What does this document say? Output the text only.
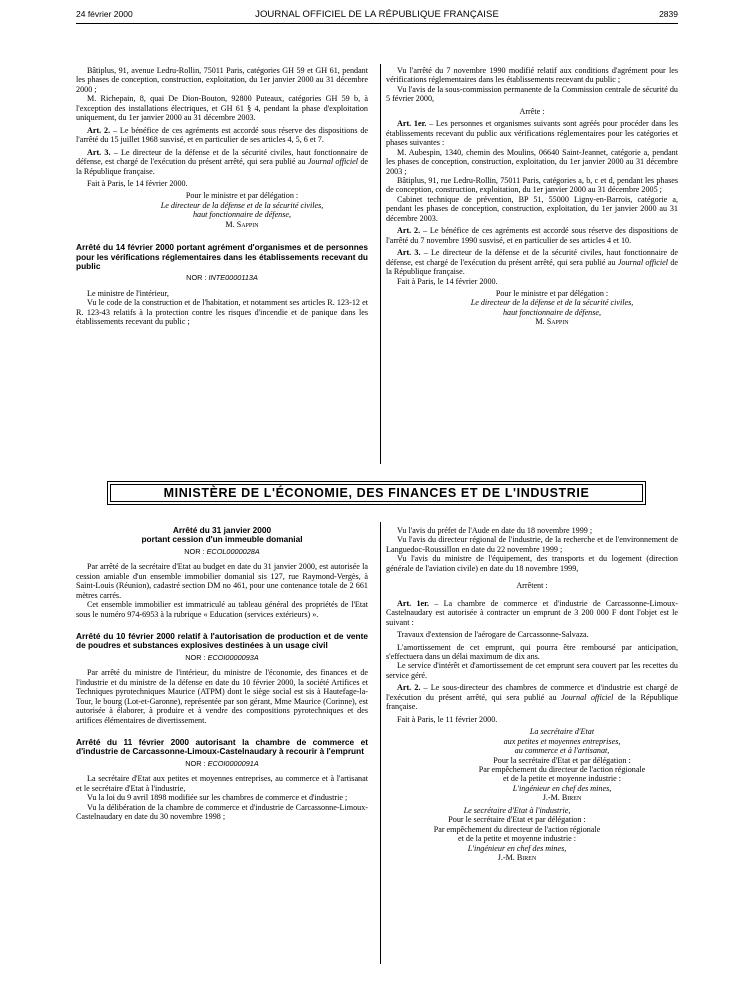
24 février 2000	JOURNAL OFFICIEL DE LA RÉPUBLIQUE FRANÇAISE	2839

Bâtiplus, 91, avenue Ledru-Rollin, 75011 Paris, catégories GH 59 et GH 61, pendant les phases de conception, construction, exploitation, du 1er janvier 2000 au 31 décembre 2000 ;

M. Richepain, 8, quai De Dion-Bouton, 92800 Puteaux, catégories GH 59 b, à l'exception des installations électriques, et GH 61 § 4, pendant la phase d'exploitation uniquement, du 1er janvier 2000 au 31 décembre 2003.

Art. 2. – Le bénéfice de ces agréments est accordé sous réserve des dispositions de l'arrêté du 15 juillet 1968 susvisé, et en particulier de ses articles 4, 5, 6 et 7.

Art. 3. – Le directeur de la défense et de la sécurité civiles, haut fonctionnaire de défense, est chargé de l'exécution du présent arrêté, qui sera publié au Journal officiel de la République française.

Fait à Paris, le 14 février 2000.

Pour le ministre et par délégation :

Le directeur de la défense et de la sécurité civiles,

haut fonctionnaire de défense,

M. Sappin

Arrêté du 14 février 2000 portant agrément d'organismes et de personnes pour les vérifications réglementaires dans les établissements recevant du public

NOR : INTE0000113A

Le ministre de l'intérieur,

Vu le code de la construction et de l'habitation, et notamment ses articles R. 123-12 et R. 123-43 relatifs à la protection contre les risques d'incendie et de panique dans les établissements recevant du public ;

Vu l'arrêté du 7 novembre 1990 modifié relatif aux conditions d'agrément pour les vérifications réglementaires dans les établissements recevant du public ;

Vu l'avis de la sous-commission permanente de la Commission centrale de sécurité du 5 février 2000,

Arrête :

Art. 1er. – Les personnes et organismes suivants sont agréés pour procéder dans les établissements recevant du public aux vérifications réglementaires pour les catégories et phases suivantes :

M. Aubespin, 1340, chemin des Moulins, 06640 Saint-Jeannet, catégorie a, pendant les phases de conception, construction, exploitation, du 1er janvier 2000 au 31 décembre 2003 ;

Bâtiplus, 91, rue Ledru-Rollin, 75011 Paris, catégories a, b, c et d, pendant les phases de conception, construction, exploitation, du 1er janvier 2000 au 31 décembre 2005 ;

Cabinet technique de prévention, BP 51, 55000 Ligny-en-Barrois, catégorie a, pendant les phases de conception, construction, exploitation, du 1er janvier 2000 au 31 décembre 2003.

Art. 2. – Le bénéfice de ces agréments est accordé sous réserve des dispositions de l'arrêté du 7 novembre 1990 susvisé, et en particulier de ses articles 4 et 10.

Art. 3. – Le directeur de la défense et de la sécurité civiles, haut fonctionnaire de défense, est chargé de l'exécution du présent arrêté, qui sera publié au Journal officiel de la République française.

Fait à Paris, le 14 février 2000.

Pour le ministre et par délégation :

Le directeur de la défense et de la sécurité civiles,

haut fonctionnaire de défense,

M. Sappin

MINISTÈRE DE L'ÉCONOMIE, DES FINANCES ET DE L'INDUSTRIE

Arrêté du 31 janvier 2000

portant cession d'un immeuble domanial

NOR : ECOL0000028A

Par arrêté de la secrétaire d'Etat au budget en date du 31 janvier 2000, est autorisée la cession amiable d'un ensemble immobilier domanial sis 127, rue Raymond-Vergès, à Saint-Louis (Réunion), cadastré section DM no 461, pour une contenance totale de 2 661 mètres carrés.

Cet ensemble immobilier est immatriculé au tableau général des propriétés de l'Etat sous le numéro 974-6953 à la rubrique « Education (services extérieurs) ».

Arrêté du 10 février 2000 relatif à l'autorisation de production et de vente de poudres et substances explosives destinées à un usage civil

NOR : ECOI0000093A

Par arrêté du ministre de l'intérieur, du ministre de l'économie, des finances et de l'industrie et du ministre de la défense en date du 10 février 2000, la société Artifices et Techniques pyrotechniques Maurice (ATPM) dont le siège social est sis à Hautefage-la-Tour, le bourg (Lot-et-Garonne), représentée par son gérant, Mme Maurice (Corinne), est autorisée à élaborer, à produire et à vendre des compositions pyrotechniques et des artifices élémentaires de divertissement.

Arrêté du 11 février 2000 autorisant la chambre de commerce et d'industrie de Carcassonne-Limoux-Castelnaudary à recourir à l'emprunt

NOR : ECOI0000091A

La secrétaire d'Etat aux petites et moyennes entreprises, au commerce et à l'artisanat et le secrétaire d'Etat à l'industrie,

Vu la loi du 9 avril 1898 modifiée sur les chambres de commerce et d'industrie ;

Vu la délibération de la chambre de commerce et d'industrie de Carcassonne-Limoux-Castelnaudary en date du 30 novembre 1998 ;

Vu l'avis du préfet de l'Aude en date du 18 novembre 1999 ;

Vu l'avis du directeur régional de l'industrie, de la recherche et de l'environnement de Languedoc-Roussillon en date du 22 novembre 1999 ;

Vu l'avis du ministre de l'équipement, des transports et du logement (direction générale de l'aviation civile) en date du 18 novembre 1999,

Arrêtent :

Art. 1er. – La chambre de commerce et d'industrie de Carcassonne-Limoux-Castelnaudary est autorisée à contracter un emprunt de 3 200 000 F dont l'objet est le suivant :

Travaux d'extension de l'aérogare de Carcassonne-Salvaza.

L'amortissement de cet emprunt, qui pourra être remboursé par anticipation, s'effectuera dans un délai maximum de dix ans.

Le service d'intérêt et d'amortissement de cet emprunt sera couvert par les recettes du service géré.

Art. 2. – Le sous-directeur des chambres de commerce et d'industrie est chargé de l'exécution du présent arrêté, qui sera publié au Journal officiel de la République française.

Fait à Paris, le 11 février 2000.

La secrétaire d'Etat

aux petites et moyennes entreprises,

au commerce et à l'artisanat,

Pour la secrétaire d'Etat et par délégation :

Par empêchement du directeur de l'action régionale

et de la petite et moyenne industrie :

L'ingénieur en chef des mines,

J.-M. Biren

Le secrétaire d'Etat à l'industrie,

Pour le secrétaire d'Etat et par délégation :

Par empêchement du directeur de l'action régionale

et de la petite et moyenne industrie :

L'ingénieur en chef des mines,

J.-M. Biren
